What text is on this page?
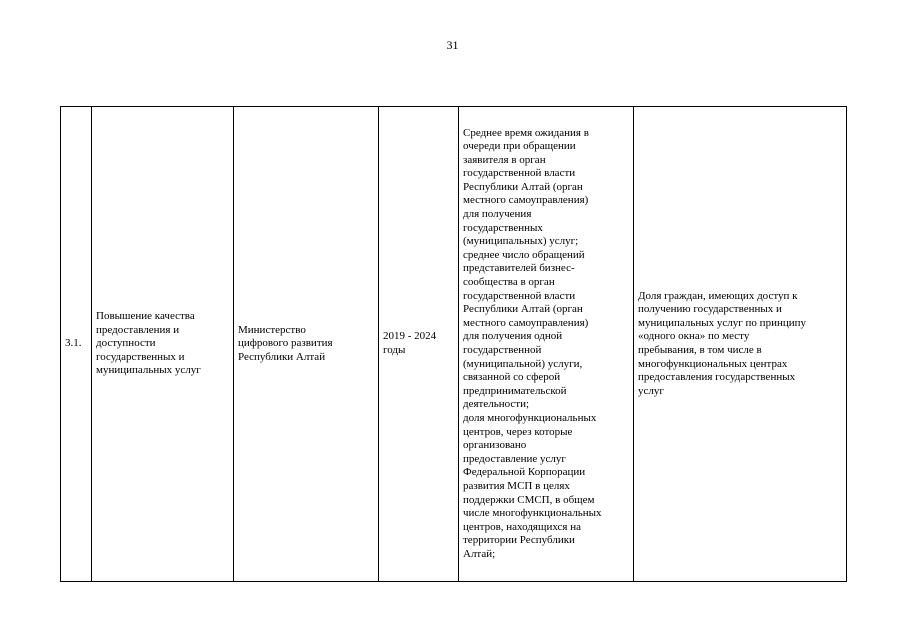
31
3.1.	
Повышение качества
предоставления и
доступности
государственных и
муниципальных услуг

Министерство
цифрового развития
Республики Алтай

2019 - 2024
годы

Среднее время ожидания в
очереди при обращении
заявителя в орган
государственной власти
Республики Алтай (орган
местного самоуправления)
для получения
государственных
(муниципальных) услуг;
среднее число обращений
представителей бизнес-
сообщества в орган
государственной власти
Республики Алтай (орган
местного самоуправления)
для получения одной
государственной
(муниципальной) услуги,
связанной со сферой
предпринимательской
деятельности;
доля многофункциональных
центров, через которые
организовано
предоставление услуг
Федеральной Корпорации
развития МСП в целях
поддержки СМСП, в общем
числе многофункциональных
центров, находящихся на
территории Республики
Алтай;

Доля граждан, имеющих доступ к
получению государственных и
муниципальных услуг по принципу
«одного окна» по месту
пребывания, в том числе в
многофункциональных центрах
предоставления государственных
услуг
